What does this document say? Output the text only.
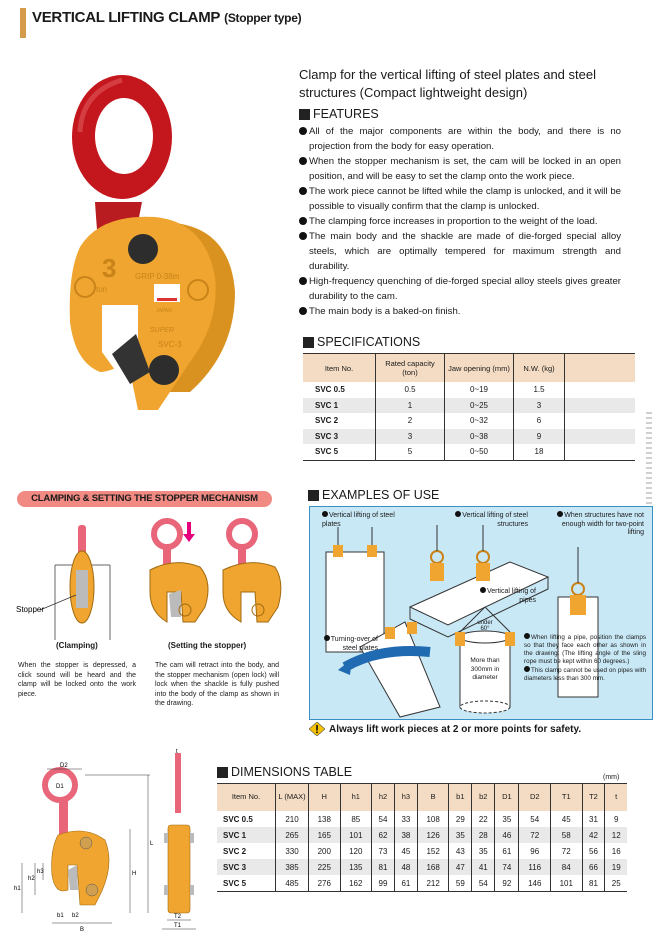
VERTICAL LIFTING CLAMP (Stopper type)
3
ton
GRIP 0-38m
JAPAN
SUPER
SVC-3
Clamp for the vertical lifting of steel plates and steel structures (Compact lightweight design)
FEATURES
All of the major components are within the body, and there is no projection from the body for easy operation.
When the stopper mechanism is set, the cam will be locked in an open position, and will be easy to set the clamp onto the work piece.
The work piece cannot be lifted while the clamp is unlocked, and it will be possible to visually confirm that the clamp is unlocked.
The clamping force increases in proportion to the weight of the load.
The main body and the shackle are made of die-forged special alloy steels, which are optimally tempered for maximum strength and durability.
High-frequency quenching of die-forged special alloy steels gives greater durability to the cam.
The main body is a baked-on finish.
SPECIFICATIONS
Item No.	Rated capacity (ton)	Jaw opening (mm)	N.W. (kg)	
SVC 0.5	0.5	0~19	1.5	
SVC 1	1	0~25	3	
SVC 2	2	0~32	6	
SVC 3	3	0~38	9	
SVC 5	5	0~50	18	
CLAMPING & SETTING THE STOPPER MECHANISM
Stopper
(Clamping)
When the stopper is depressed, a click sound will be heard and the clamp will be locked onto the work piece.
(Setting the stopper)
The cam will retract into the body, and the stopper mechanism (open lock) will lock when the shackle is fully pushed into the body of the clamp as shown in the drawing.
EXAMPLES OF USE
Vertical lifting of steel plates
Vertical lifting of steel structures
When structures have not enough width for two-point lifting
Vertical lifting of pipes
Turning-over of steel plates
under 60°
More than 300mm in diameter
When lifting a pipe, position the clamps so that they face each other as shown in the drawing. (The lifting angle of the sling rope must be kept within 60 degrees.)
This clamp cannot be used on pipes with diameters less than 300 mm.
Always lift work pieces at 2 or more points for safety.
D2
D1
L
H
h1
h2
h3
b1 b2
B
t
T2
T1
DIMENSIONS TABLE	(mm)
Item No.	L (MAX)	H	h1	h2	h3	B	b1	b2	D1	D2	T1	T2	t
SVC 0.5	210	138	85	54	33	108	29	22	35	54	45	31	9
SVC 1	265	165	101	62	38	126	35	28	46	72	58	42	12
SVC 2	330	200	120	73	45	152	43	35	61	96	72	56	16
SVC 3	385	225	135	81	48	168	47	41	74	116	84	66	19
SVC 5	485	276	162	99	61	212	59	54	92	146	101	81	25
